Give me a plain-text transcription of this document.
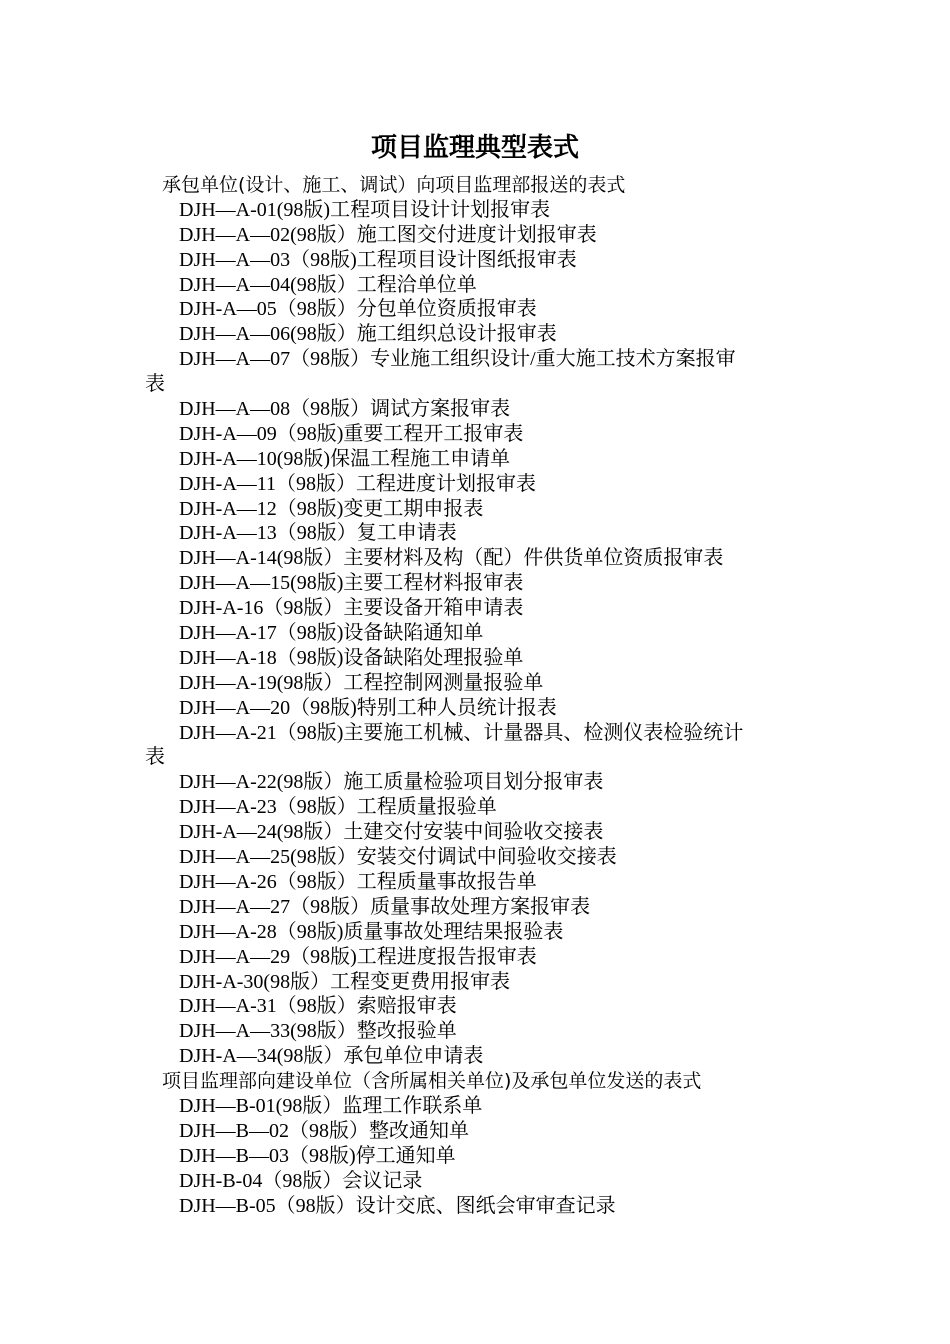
项目监理典型表式
承包单位(设计、施工、调试）向项目监理部报送的表式
DJH—A-01(98版)工程项目设计计划报审表
DJH—A—02(98版）施工图交付进度计划报审表
DJH—A—03（98版)工程项目设计图纸报审表
DJH—A—04(98版）工程洽单位单
DJH-A—05（98版）分包单位资质报审表
DJH—A—06(98版）施工组织总设计报审表
DJH—A—07（98版）专业施工组织设计/重大施工技术方案报审
表
DJH—A—08（98版）调试方案报审表
DJH-A—09（98版)重要工程开工报审表
DJH-A—10(98版)保温工程施工申请单
DJH-A—11（98版）工程进度计划报审表
DJH-A—12（98版)变更工期申报表
DJH-A—13（98版）复工申请表
DJH—A-14(98版）主要材料及构（配）件供货单位资质报审表
DJH—A—15(98版)主要工程材料报审表
DJH-A-16（98版）主要设备开箱申请表
DJH—A-17（98版)设备缺陷通知单
DJH—A-18（98版)设备缺陷处理报验单
DJH—A-19(98版）工程控制网测量报验单
DJH—A—20（98版)特别工种人员统计报表
DJH—A-21（98版)主要施工机械、计量器具、检测仪表检验统计
表
DJH—A-22(98版）施工质量检验项目划分报审表
DJH—A-23（98版）工程质量报验单
DJH-A—24(98版）土建交付安装中间验收交接表
DJH—A—25(98版）安装交付调试中间验收交接表
DJH—A-26（98版）工程质量事故报告单
DJH—A—27（98版）质量事故处理方案报审表
DJH—A-28（98版)质量事故处理结果报验表
DJH—A—29（98版)工程进度报告报审表
DJH-A-30(98版）工程变更费用报审表
DJH—A-31（98版）索赔报审表
DJH—A—33(98版）整改报验单
DJH-A—34(98版）承包单位申请表
项目监理部向建设单位（含所属相关单位)及承包单位发送的表式
DJH—B-01(98版）监理工作联系单
DJH—B—02（98版）整改通知单
DJH—B—03（98版)停工通知单
DJH-B-04（98版）会议记录
DJH—B-05（98版）设计交底、图纸会审审查记录
